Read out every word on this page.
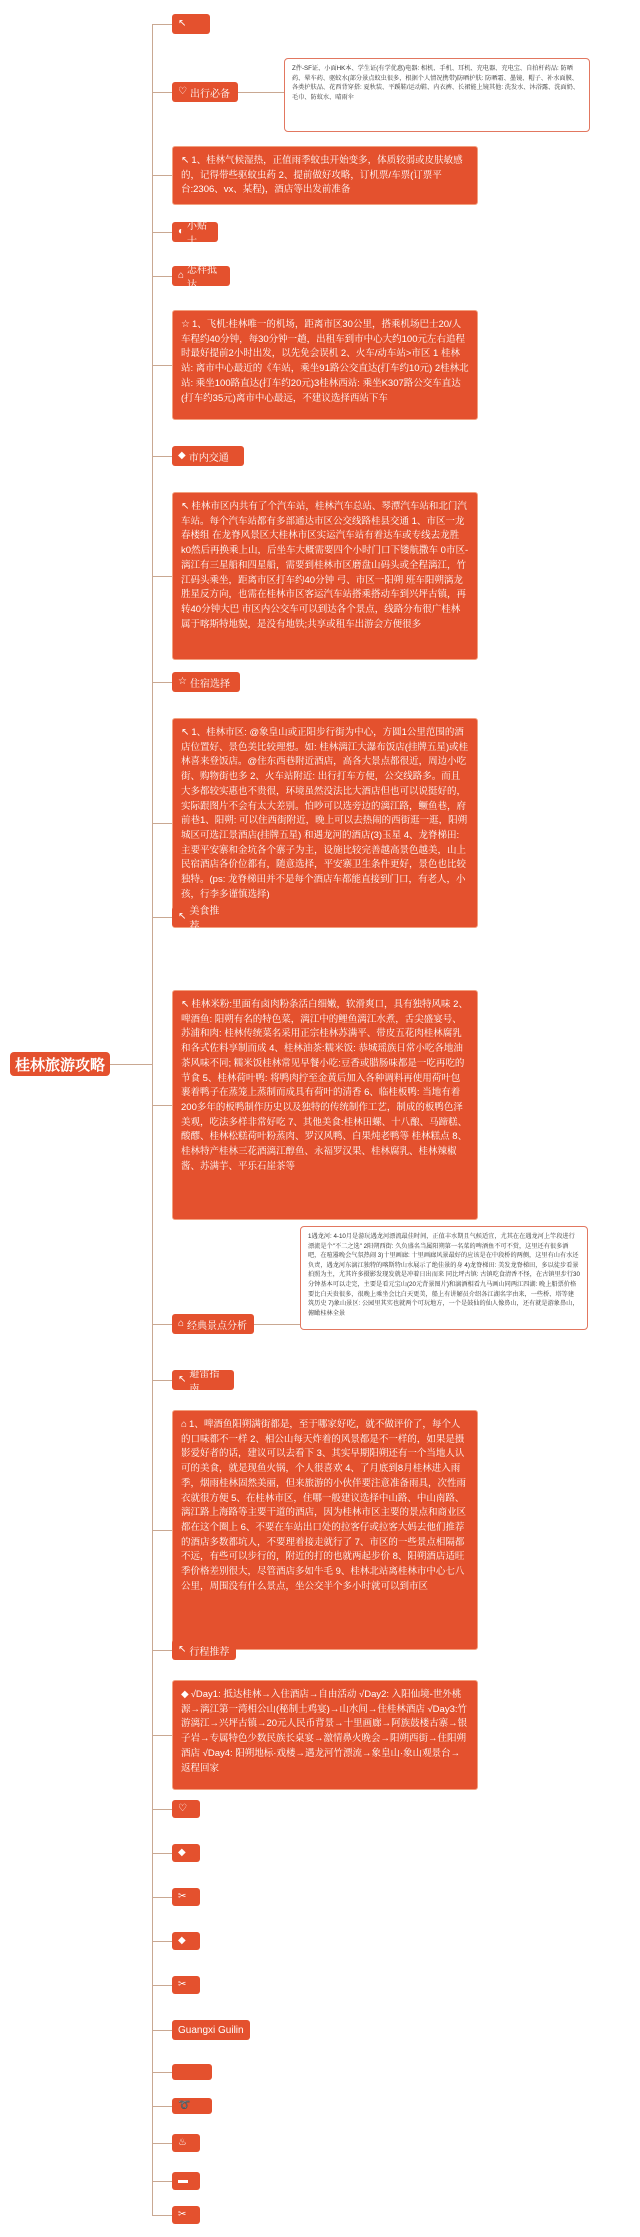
桂林旅游攻略
↖
♡ 出行必备
↖ 1、桂林气候湿热，正值雨季蚊虫开始变多，体质较弱或皮肤敏感的，记得带些驱蚊虫药 2、提前做好攻略，订机票/车票(订票平台:2306、vx、某程)，酒店等出发前准备
◐ 小贴士
⌂ 怎样抵达
☆ 1、飞机:桂林唯一的机场，距离市区30公里，搭乘机场巴士20/人车程约40分钟，每30分钟一趟，出租车到市中心大约100元左右追程时最好提前2小时出发，以先免会误机 2、火车/动车站>市区 1 桂林站: 离市中心最近的《车站，乘坐91路公交直达(打车约10元) 2桂林北站: 乘坐100路直达(打车约20元)3桂林西站: 乘坐K307路公交车直达(打车约35元)离市中心最远，不建议选择西站下车
◆ 市内交通
↖ 桂林市区内共有了个汽车站，桂林汽车总站、琴潭汽车站和北门汽车站。每个汽车站都有多部通达市区公交线路桂县交通 1、市区一龙春楼组 在龙脊风景区大桂林市区实运汽车站有着达车或专线去龙胜k0然后再换乘上山，后坐车大概需要四个小时门口下镂航撒车 0市区-漓江有三星船和四星船，需要到桂林市区磨盘山码头或全程漓江，竹江码头乘坐，距离市区打车约40分钟 弓、市区一阳朔 班车阳朔漓龙胜星反方向，也需在桂林市区客运汽车站搭乘搭动车到兴坪古镇，再转40分钟大巴 市区内公交车可以到达各个景点，线路分布很广桂林属于喀斯特地貌，是没有地铁;共享或租车出游会方便很多
☆ 住宿选择
↖ 1、桂林市区: @象皇山或正阳步行街为中心，方圆1公里范围的酒店位置好、景色美比较理想。如: 桂林漓江大瀑布饭店(挂牌五星)或桂林喜来登饭店。@住东西巷附近酒店，高各大景点都很近，周边小吃街、购物街也多 2、火车站附近: 出行打车方便，公交线路多。而且大多都较实惠也不贵很，环境虽然没法比大酒店但也可以说挺好的，实际跟图片不会有太大差别。怕吵可以选旁边的漓江路，鳜鱼巷，府前巷1、阳朔: 可以住西街附近，晚上可以去热闹的西街逛一逛，阳朔城区可选江景酒店(挂牌五星) 和遇龙河的酒店(3)玉星 4、龙脊梯田: 主要平安寨和金坑各个寨子为主，设施比较完善越高景色越美，山上民宿酒店各价位都有，随意选择，平安寨卫生条件更好，景色也比较独特。(ps: 龙脊梯田并不是每个酒店车都能直接到门口，有老人，小孩，行李多谨慎选择)
↖ 美食推荐
↖ 桂林米粉:里面有卤肉粉条活白细嫩，软滑爽口，具有独特风味 2、啤酒鱼: 阳朔有名的特色菜，漓江中的鲤鱼漓江水煮，舌尖盛宴号、苏浦和肉: 桂林传统菜名采用正宗桂林苏满平、带皮五花肉桂林腐乳和各式佐料享制而成 4、桂林油茶:糯米饭: 恭城瑶族日常小吃各地油茶风味不同; 糯米饭桂林常见早餐小吃:豆香或腊肠味都是一吃再吃的节食 5、桂林荷叶鸭: 将鸭肉拧至金黄后加入各种调料再使用荷叶包裹着鸭子在蒸笼上蒸制而成具有荷叶的清香 6、临桂板鸭: 当地有着200多年的板鸭制作历史以及独特的传统制作工艺，制成的板鸭色泽美观，吃法多样非常好吃 7、其他美食:桂林田螺、十八酿、马蹄糕、酸醪、桂林松糕荷叶粉蒸肉、罗汉风鸭、白果炖老鸭等 桂林糕点 8、桂林特产桂林三花酒漓江醇鱼、永福罗汉果、桂林腐乳、桂林辣椒酱、苏满芋、平乐石崖茶等
⌂ 经典景点分析
↖ 避雷指南
⌂ 1、啤酒鱼阳朔满街都是，至于哪家好吃，就不做评价了，每个人的口味都不一样 2、相公山每天炸着的风景都是不一样的，如果是摄影爱好者的话，建议可以去看下 3、其实早期阳朔还有一个当地人认可的美食，就是现鱼火锅，个人很喜欢 4、了月底到8月桂林进入雨季，烟雨桂林固然美丽，但来旅游的小伙伴要注意准备雨具，次性雨衣就很方便 5、在桂林市区，住哪一般建议选择中山路、中山南路、漓江路上海路等主要干道的酒店，因为桂林市区主要的景点和商业区都在这个圈上 6、不要在车站出口处的拉客仔或拉客大妈去他们推荐的酒店多数都坑人，不要理着接走就行了 7、市区的一些景点相隔都不远，有些可以步行的，附近的打的也就两起步价 8、阳朔酒店适旺季价格差别很大，尽管酒店多如牛毛 9、桂林北站离桂林市中心七八公里，周围没有什么景点，坐公交半个多小时就可以到市区
↖ 行程推荐
◆ √Day1: 抵达桂林→入住酒店→自由活动 √Day2: 入阳仙境-世外桃源→漓江第一湾相公山(秘制土鸡宴)→山水间→住桂林酒店 √Day3:竹游漓江→兴坪古镇→20元人民币背景→十里画廊→阿族鼓楼古寨→银子岩→专属特色少数民族长桌宴→激情鼻火晚会→阳朔西街→住阳朔酒店 √Day4: 阳朔地标·戏楼→遇龙河竹漂流→象皇山·象山观景台→返程回家
♡
◆
✂
◆
✂
Guangxi Guilin
➰
♨
▬
✂
Z件-SF证、小面HK本、学生证(有学优惠)电器: 相机、手机、耳机、充电器、充电宝、自拍杆药品: 防晒药、晕车药、驱蚊水(部分景点蚊虫很多，根据个人情况携带)防晒护肤: 防晒霜、墨镜、帽子、补水面膜、各类护肤品、花西背穿搭: 夏秋装、平蹊鞋/运动鞋、内衣裤、长裙能上镜其他: 洗发水、沐浴露、洗面奶、毛巾、防蚊水、晴雨伞
1遇龙河: 4-10月是游玩遇龙河漂流最佳时间，正值丰水期且气候适宜，尤其在在遇龙河上竿段进行漂流是个"不二之选" 2阳朔西街: 久负盛名当属阳朔第一名菜的啤酒鱼不可不赏，这里还有很多酒吧，在喧嚣晚会气氛热闹 3)十里画廊: 十里画廊风景最好的应该是在中段桥的两侧，这里有山有水还负责，遇龙河东漓江独特的喀斯特山水展示了绝佳景的身 4)龙脊梯田: 美发龙脊梯田，多以徒步看景拍照为主，尤其许多摄影发现发就是冲着日出而来 同比坪古镇: 古镇吃食清香不怪，在古镇里步行30分钟基本可以走完，主要是看元宝山(20元背景图片)和漓酒相看九马画山同两江四湖: 晚上船票价格要比白天贵很多，很晚上乘坐会比白天更美，船上有讲解员介绍各江湖名字由来，一些桥、塔等建筑历史 7)象山景区: 公园里其实也就两个可玩地方，一个是鼓仙的仙人像鼻山，还有就是游象鼻山，俯瞰桂林全景
